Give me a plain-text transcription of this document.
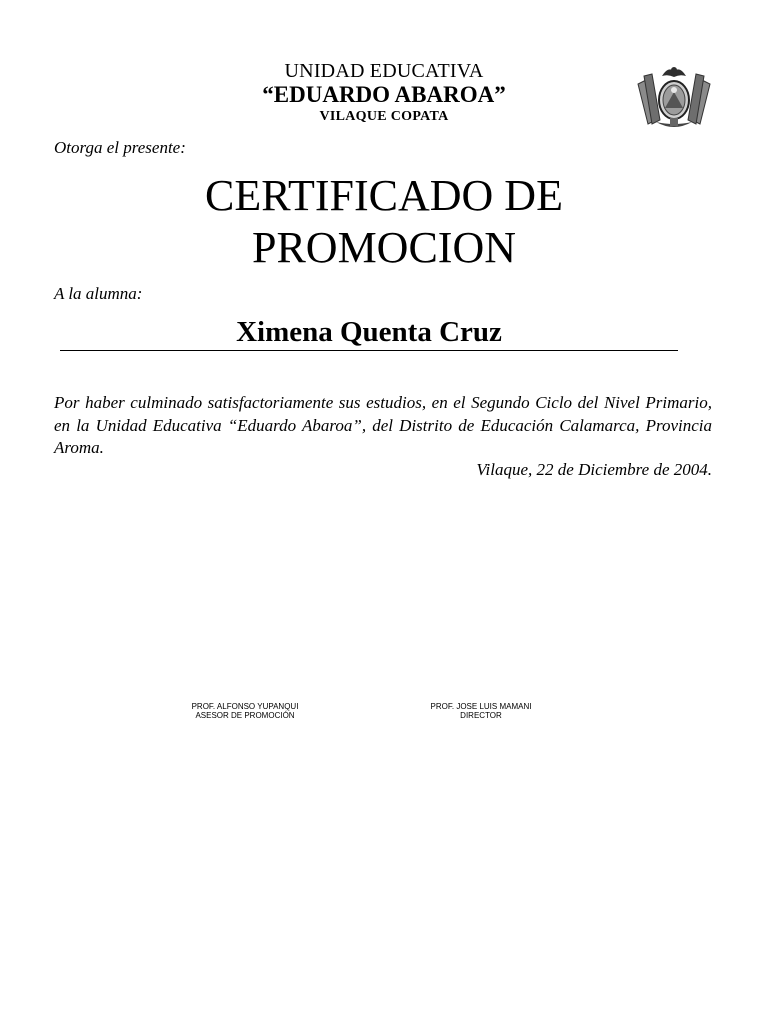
UNIDAD EDUCATIVA
“EDUARDO ABAROA”
VILAQUE COPATA
Otorga el presente:
CERTIFICADO DE
PROMOCION
A la alumna:
Ximena Quenta Cruz
Por haber culminado satisfactoriamente sus estudios, en el Segundo Ciclo del Nivel Primario, en la Unidad Educativa “Eduardo Abaroa”, del Distrito de Educación Calamarca, Provincia Aroma.
Vilaque, 22 de Diciembre de 2004.
PROF. ALFONSO YUPANQUI
ASESOR DE PROMOCIÓN
PROF. JOSE LUIS MAMANI
DIRECTOR
